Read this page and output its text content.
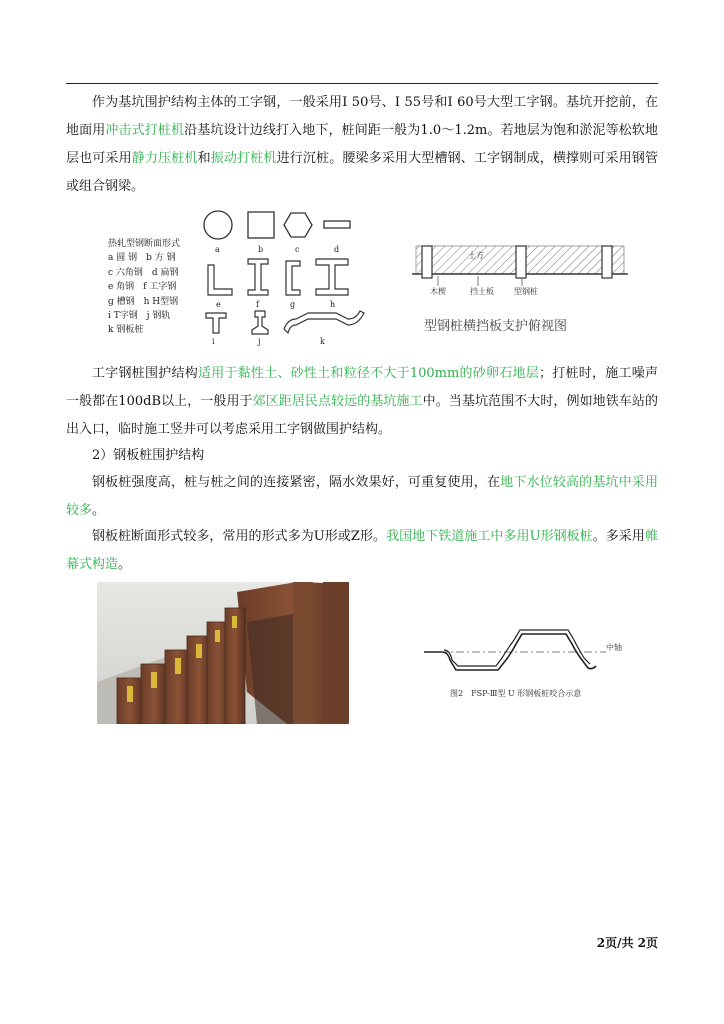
作为基坑围护结构主体的工字钢，一般采用Ⅰ 50号、Ⅰ 55号和Ⅰ 60号大型工字钢。基坑开挖前，在地面用冲击式打桩机沿基坑设计边线打入地下，桩间距一般为1.0～1.2m。若地层为饱和淤泥等松软地层也可采用静力压桩机和振动打桩机进行沉桩。腰梁多采用大型槽钢、工字钢制成，横撑则可采用钢管或组合钢梁。
热轧型钢断面形式
a 圆 钢　b 方 钢
c 六角钢　d 扁钢
e 角钢　f 工字钢
g 槽钢　h H型钢
i T字钢　j 钢轨
k 钢板桩
a	b	c	d
e	f	g	h
i	j	k
土方
木楔	挡土板	型钢桩
型钢桩横挡板支护俯视图
工字钢桩围护结构适用于黏性土、砂性土和粒径不大于100mm的砂卵石地层；打桩时，施工噪声一般都在100dB以上，一般用于郊区距居民点较远的基坑施工中。当基坑范围不大时，例如地铁车站的出入口，临时施工竖井可以考虑采用工字钢做围护结构。
2）钢板桩围护结构
钢板桩强度高，桩与桩之间的连接紧密，隔水效果好，可重复使用，在地下水位较高的基坑中采用较多。
钢板桩断面形式较多，常用的形式多为U形或Z形。我国地下铁道施工中多用U形钢板桩。多采用帷幕式构造。
中轴
图2　FSP-Ⅲ型 U 形钢板桩咬合示意
2页/共 2页
